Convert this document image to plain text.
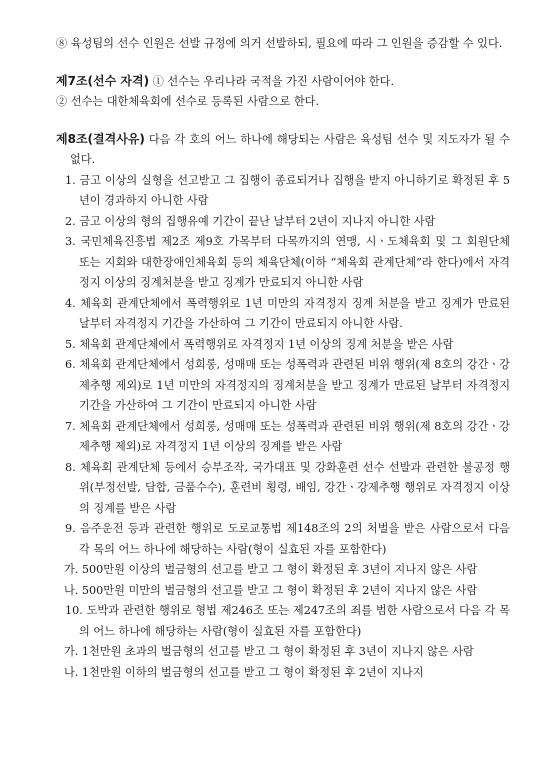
⑧ 육성팀의 선수 인원은 선발 규정에 의거 선발하되, 필요에 따라 그 인원을 증감할 수 있다.

제7조(선수 자격) ① 선수는 우리나라 국적을 가진 사람이어야 한다.

② 선수는 대한체육회에 선수로 등록된 사람으로 한다.

제8조(결격사유) 다음 각 호의 어느 하나에 해당되는 사람은 육성팀 선수 및 지도자가 될 수 없다.

1. 금고 이상의 실형을 선고받고 그 집행이 종료되거나 집행을 받지 아니하기로 확정된 후 5년이 경과하지 아니한 사람

2. 금고 이상의 형의 집행유예 기간이 끝난 날부터 2년이 지나지 아니한 사람

3. 국민체육진흥법 제2조 제9호 가목부터 다목까지의 연맹, 시ㆍ도체육회 및 그 회원단체 또는 지회와 대한장애인체육회 등의 체육단체(이하 “체육회 관계단체”라 한다)에서 자격정지 이상의 징계처분을 받고 징계가 만료되지 아니한 사람

4. 체육회 관계단체에서 폭력행위로 1년 미만의 자격정지 징계 처분을 받고 징계가 만료된 날부터 자격정지 기간을 가산하여 그 기간이 만료되지 아니한 사람.

5. 체육회 관계단체에서 폭력행위로 자격정지 1년 이상의 징계 처분을 받은 사람

6. 체육회 관계단체에서 성희롱, 성매매 또는 성폭력과 관련된 비위 행위(제 8호의 강간ㆍ강제추행 제외)로 1년 미만의 자격정지의 징계처분을 받고 징계가 만료된 날부터 자격정지 기간을 가산하여 그 기간이 만료되지 아니한 사람

7. 체육회 관계단체에서 성희롱, 성매매 또는 성폭력과 관련된 비위 행위(제 8호의 강간ㆍ강제추행 제외)로 자격정지 1년 이상의 징계를 받은 사람

8. 체육회 관계단체 등에서 승부조작, 국가대표 및 강화훈련 선수 선발과 관련한 불공정 행위(부정선발, 담합, 금품수수), 훈련비 횡령, 배임, 강간ㆍ강제추행 행위로 자격정지 이상의 징계를 받은 사람

9. 음주운전 등과 관련한 행위로 도로교통법 제148조의 2의 처벌을 받은 사람으로서 다음 각 목의 어느 하나에 해당하는 사람(형이 실효된 자를 포함한다)

가. 500만원 이상의 벌금형의 선고를 받고 그 형이 확정된 후 3년이 지나지 않은 사람

나. 500만원 미만의 벌금형의 선고를 받고 그 형이 확정된 후 2년이 지나지 않은 사람

10. 도박과 관련한 행위로 형법 제246조 또는 제247조의 죄를 범한 사람으로서 다음 각 목의 어느 하나에 해당하는 사람(형이 실효된 자를 포함한다)

가. 1천만원 초과의 벌금형의 선고를 받고 그 형이 확정된 후 3년이 지나지 않은 사람

나. 1천만원 이하의 벌금형의 선고를 받고 그 형이 확정된 후 2년이 지나지
